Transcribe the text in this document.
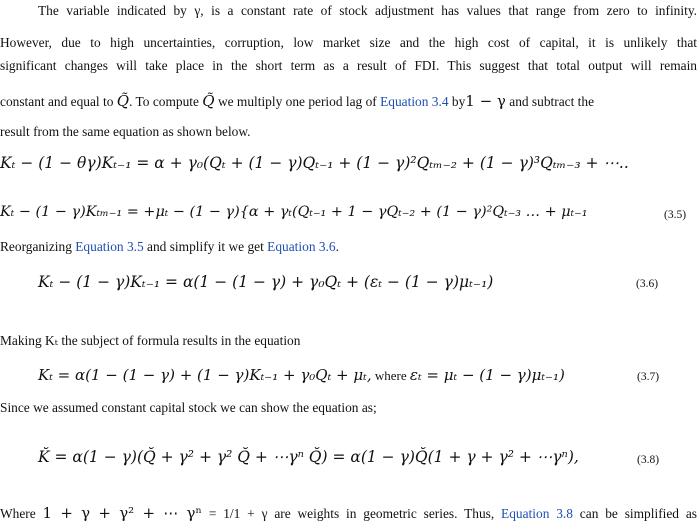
The variable indicated by γ, is a constant rate of stock adjustment has values that range from zero to infinity.
However, due to high uncertainties, corruption, low market size and the high cost of capital, it is unlikely that
significant changes will take place in the short term as a result of FDI. This suggest that total output will remain
constant and equal to Q̃. To compute Q̃ we multiply one period lag of Equation 3.4 by1 − γ and subtract the
result from the same equation as shown below.
Kₜ − (1 − θγ)Kₜ₋₁ = α + γ₀(Qₜ + (1 − γ)Qₜ₋₁ + (1 − γ)²Qₜₘ₋₂ + (1 − γ)³Qₜₘ₋₃ + ⋯..
Kₜ − (1 − γ)Kₜₘ₋₁ = +μₜ − (1 − γ){α + γₜ(Qₜ₋₁ + 1 − γQₜ₋₂ + (1 − γ)²Qₜ₋₃ … + μₜ₋₁	(3.5)
Reorganizing Equation 3.5 and simplify it we get Equation 3.6.
Kₜ − (1 − γ)Kₜ₋₁ = α(1 − (1 − γ) + γ₀Qₜ + (εₜ − (1 − γ)μₜ₋₁)	(3.6)
Making Kₜ the subject of formula results in the equation
Kₜ = α(1 − (1 − γ) + (1 − γ)Kₜ₋₁ + γ₀Qₜ + μₜ, where εₜ = μₜ − (1 − γ)μₜ₋₁)	(3.7)
Since we assumed constant capital stock we can show the equation as;
K̆ = α(1 − γ)(Q̆ + γ² + γ² Q̆ + ⋯γⁿ Q̆) = α(1 − γ)Q̆(1 + γ + γ² + ⋯γⁿ),	(3.8)
Where 1 + γ + γ² + ⋯ γⁿ = 1/1 + γ are weights in geometric series. Thus, Equation 3.8 can be simplified as
